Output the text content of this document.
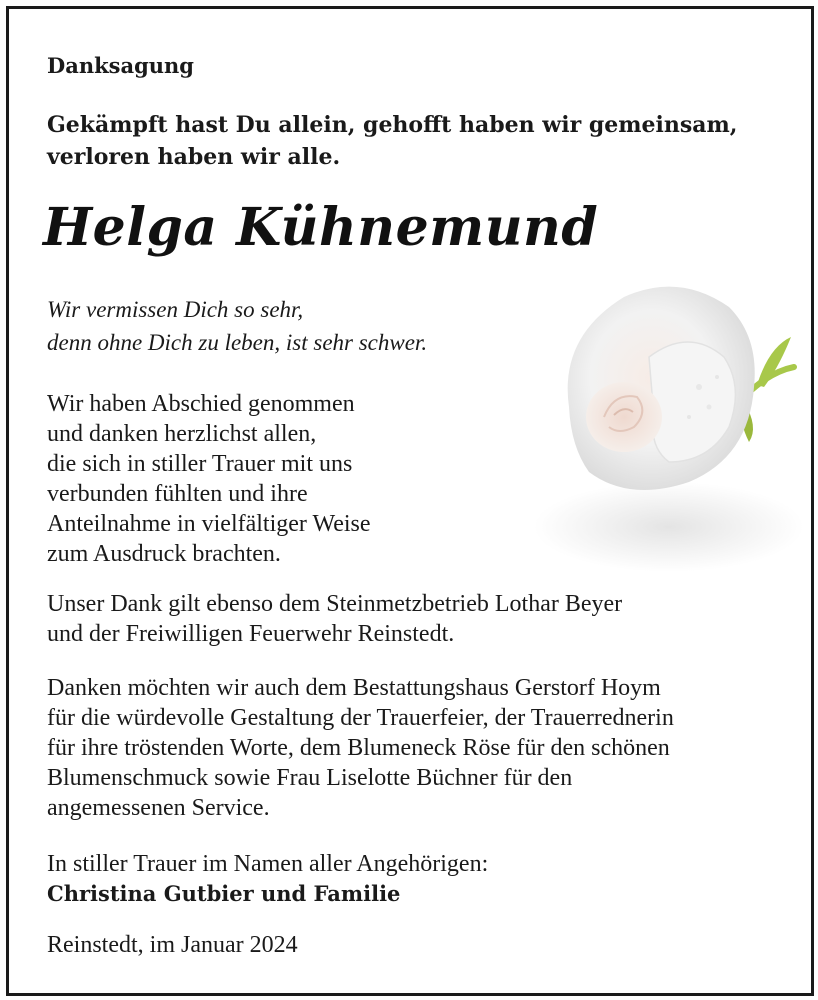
Danksagung
Gekämpft hast Du allein, gehofft haben wir gemeinsam,
verloren haben wir alle.
Helga Kühnemund
Wir vermissen Dich so sehr,
denn ohne Dich zu leben, ist sehr schwer.
Wir haben Abschied genommen
und danken herzlichst allen,
die sich in stiller Trauer mit uns
verbunden fühlten und ihre
Anteilnahme in vielfältiger Weise
zum Ausdruck brachten.
Unser Dank gilt ebenso dem Steinmetzbetrieb Lothar Beyer
und der Freiwilligen Feuerwehr Reinstedt.
Danken möchten wir auch dem Bestattungshaus Gerstorf Hoym
für die würdevolle Gestaltung der Trauerfeier, der Trauerrednerin
für ihre tröstenden Worte, dem Blumeneck Röse für den schönen
Blumenschmuck sowie Frau Liselotte Büchner für den
angemessenen Service.
In stiller Trauer im Namen aller Angehörigen:
Christina Gutbier und Familie
Reinstedt, im Januar 2024
